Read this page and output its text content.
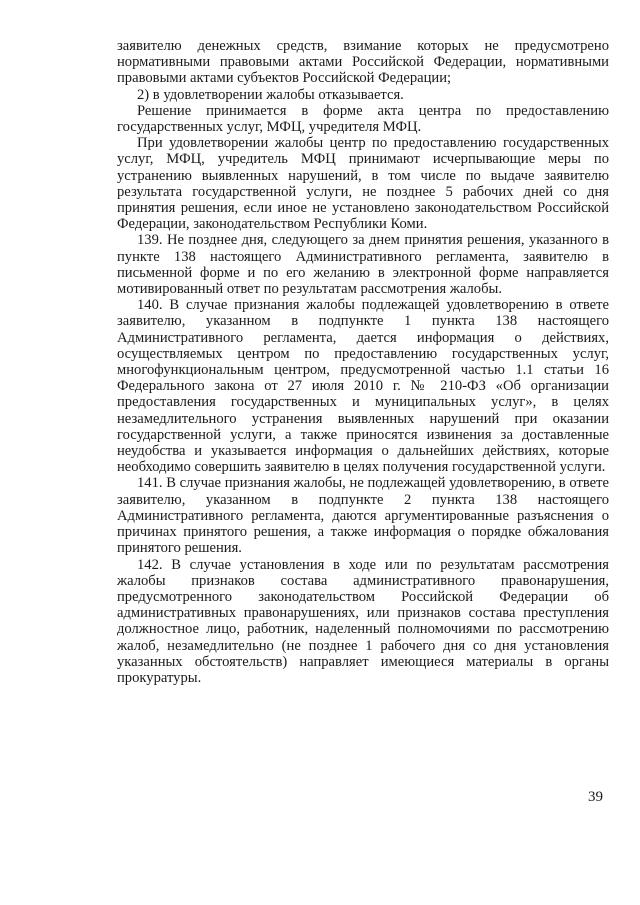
заявителю денежных средств, взимание которых не предусмотрено нормативными правовыми актами Российской Федерации, нормативными правовыми актами субъектов Российской Федерации;

2) в удовлетворении жалобы отказывается.

Решение принимается в форме акта центра по предоставлению государственных услуг, МФЦ, учредителя МФЦ.

При удовлетворении жалобы центр по предоставлению государственных услуг, МФЦ, учредитель МФЦ принимают исчерпывающие меры по устранению выявленных нарушений, в том числе по выдаче заявителю результата государственной услуги, не позднее 5 рабочих дней со дня принятия решения, если иное не установлено законодательством Российской Федерации, законодательством Республики Коми.

139. Не позднее дня, следующего за днем принятия решения, указанного в пункте 138 настоящего Административного регламента, заявителю в письменной форме и по его желанию в электронной форме направляется мотивированный ответ по результатам рассмотрения жалобы.

140. В случае признания жалобы подлежащей удовлетворению в ответе заявителю, указанном в подпункте 1 пункта 138 настоящего Административного регламента, дается информация о действиях, осуществляемых центром по предоставлению государственных услуг, многофункциональным центром, предусмотренной частью 1.1 статьи 16 Федерального закона от 27 июля 2010 г. № 210-ФЗ «Об организации предоставления государственных и муниципальных услуг», в целях незамедлительного устранения выявленных нарушений при оказании государственной услуги, а также приносятся извинения за доставленные неудобства и указывается информация о дальнейших действиях, которые необходимо совершить заявителю в целях получения государственной услуги.

141. В случае признания жалобы, не подлежащей удовлетворению, в ответе заявителю, указанном в подпункте 2 пункта 138 настоящего Административного регламента, даются аргументированные разъяснения о причинах принятого решения, а также информация о порядке обжалования принятого решения.

142. В случае установления в ходе или по результатам рассмотрения жалобы признаков состава административного правонарушения, предусмотренного законодательством Российской Федерации об административных правонарушениях, или признаков состава преступления должностное лицо, работник, наделенный полномочиями по рассмотрению жалоб, незамедлительно (не позднее 1 рабочего дня со дня установления указанных обстоятельств) направляет имеющиеся материалы в органы прокуратуры.

39
